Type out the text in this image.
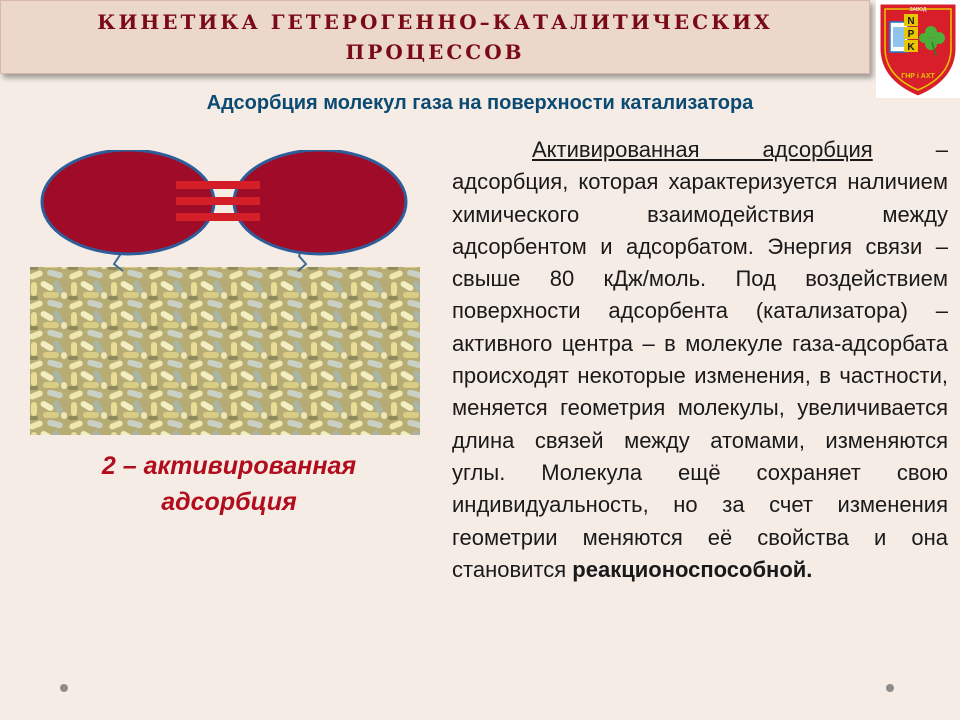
КИНЕТИКА ГЕТЕРОГЕННО–КАТАЛИТИЧЕСКИХ
ПРОЦЕССОВ
ЗАВОД
N
P
K
ГНР і АХТ
Адсорбция молекул газа на поверхности катализатора
2 – активированная
адсорбция
Активированная адсорбция – адсорбция, которая характеризуется наличием химического взаимодействия между адсорбентом и адсорбатом. Энергия связи – свыше 80 кДж/моль. Под воздействием поверхности адсорбента (катализатора) – активного центра – в молекуле газа-адсорбата происходят некоторые изменения, в частности, меняется геометрия молекулы, увеличивается длина связей между атомами, изменяются углы. Молекула ещё сохраняет свою индивидуальность, но за счет изменения геометрии меняются её свойства и она становится реакционоспособной.
